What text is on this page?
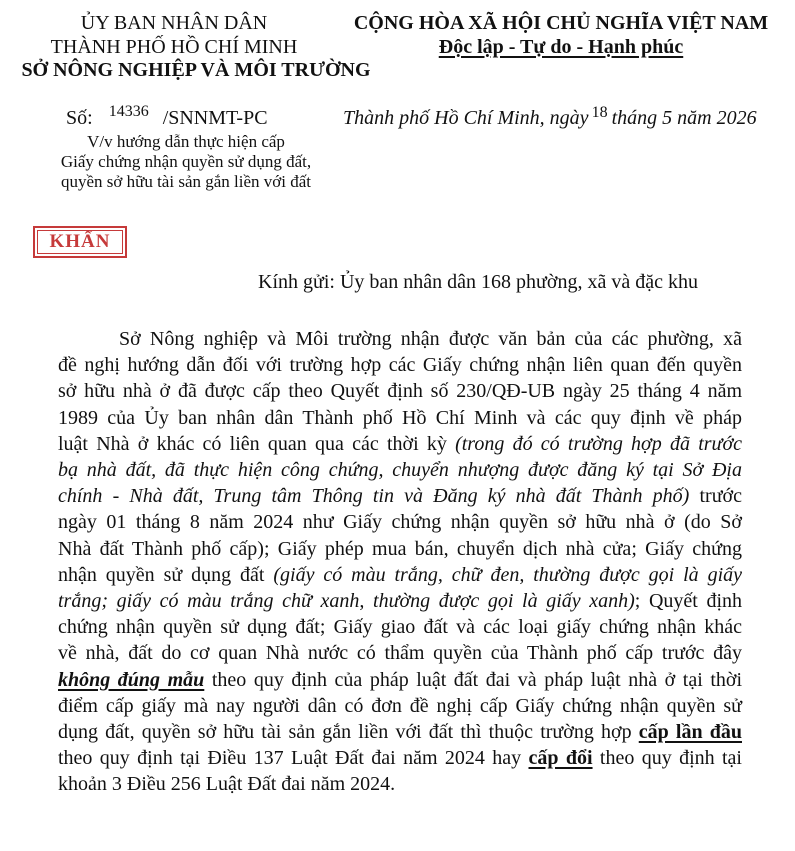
ỦY BAN NHÂN DÂN
THÀNH PHỐ HỒ CHÍ MINH
SỞ NÔNG NGHIỆP VÀ MÔI TRƯỜNG
CỘNG HÒA XÃ HỘI CHỦ NGHĨA VIỆT NAM
Độc lập - Tự do - Hạnh phúc
Số: $^{14336}$ /SNNMT-PC	Thành phố Hồ Chí Minh, ngày $^{18}$ tháng 5 năm 2026
V/v hướng dẫn thực hiện cấp
Giấy chứng nhận quyền sử dụng đất,
quyền sở hữu tài sản gắn liền với đất
KHẨN
Kính gửi: Ủy ban nhân dân 168 phường, xã và đặc khu
Sở Nông nghiệp và Môi trường nhận được văn bản của các phường, xã
đề nghị hướng dẫn đối với trường hợp các Giấy chứng nhận liên quan đến quyền
sở hữu nhà ở đã được cấp theo Quyết định số 230/QĐ-UB ngày 25 tháng 4 năm
1989 của Ủy ban nhân dân Thành phố Hồ Chí Minh và các quy định về pháp
luật Nhà ở khác có liên quan qua các thời kỳ (trong đó có trường hợp đã trước
bạ nhà đất, đã thực hiện công chứng, chuyển nhượng được đăng ký tại Sở Địa
chính - Nhà đất, Trung tâm Thông tin và Đăng ký nhà đất Thành phố) trước
ngày 01 tháng 8 năm 2024 như Giấy chứng nhận quyền sở hữu nhà ở (do Sở
Nhà đất Thành phố cấp); Giấy phép mua bán, chuyển dịch nhà cửa; Giấy chứng
nhận quyền sử dụng đất (giấy có màu trắng, chữ đen, thường được gọi là giấy
trắng; giấy có màu trắng chữ xanh, thường được gọi là giấy xanh); Quyết định
chứng nhận quyền sử dụng đất; Giấy giao đất và các loại giấy chứng nhận khác
về nhà, đất do cơ quan Nhà nước có thẩm quyền của Thành phố cấp trước đây
không đúng mẫu theo quy định của pháp luật đất đai và pháp luật nhà ở tại thời
điểm cấp giấy mà nay người dân có đơn đề nghị cấp Giấy chứng nhận quyền sử
dụng đất, quyền sở hữu tài sản gắn liền với đất thì thuộc trường hợp cấp lần đầu
theo quy định tại Điều 137 Luật Đất đai năm 2024 hay cấp đổi theo quy định tại
khoản 3 Điều 256 Luật Đất đai năm 2024.
